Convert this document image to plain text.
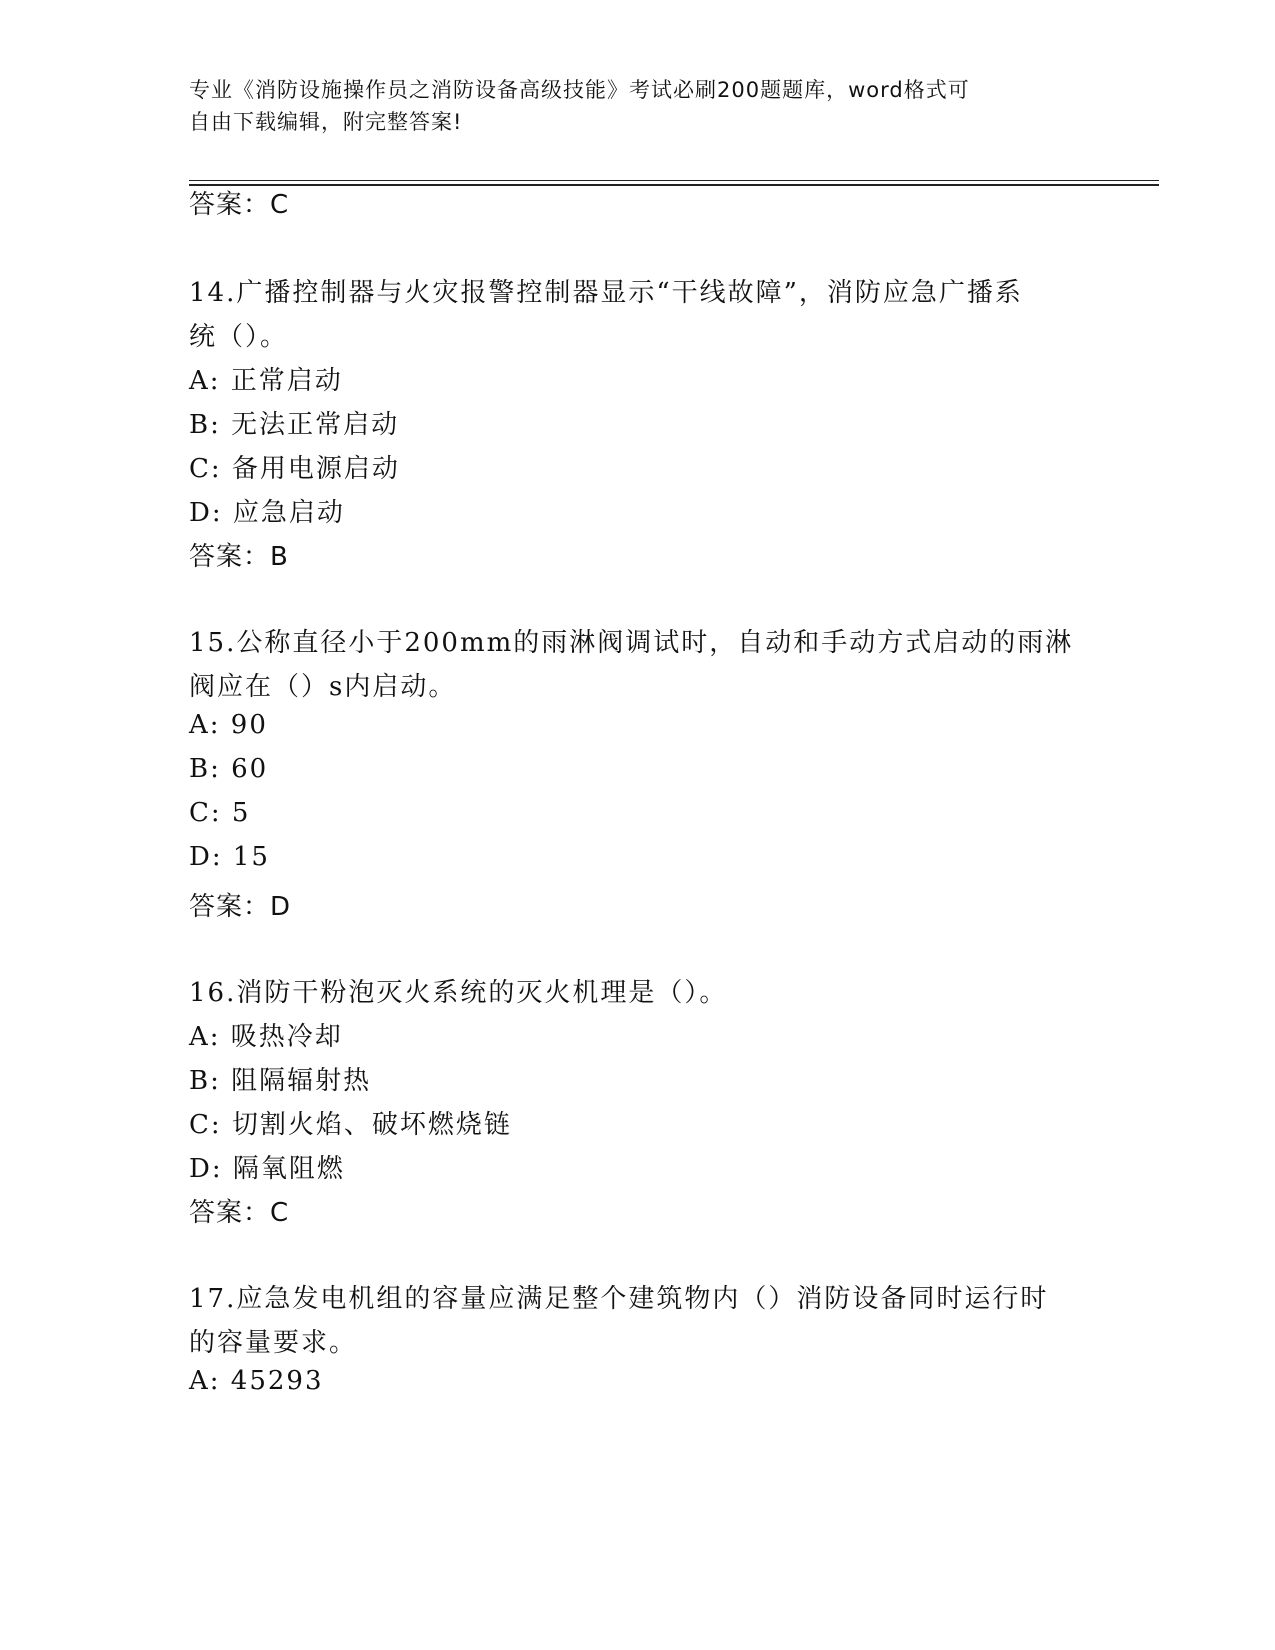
专业《消防设施操作员之消防设备高级技能》考试必刷200题题库，word格式可
自由下载编辑，附完整答案!
答案：C
14.广播控制器与火灾报警控制器显示“干线故障”，消防应急广播系
统（）。
A: 正常启动
B: 无法正常启动
C: 备用电源启动
D: 应急启动
答案：B
15.公称直径小于200mm的雨淋阀调试时，自动和手动方式启动的雨淋
阀应在（）s内启动。
A: 90
B: 60
C: 5
D: 15
答案：D
16.消防干粉泡灭火系统的灭火机理是（）。
A: 吸热冷却
B: 阻隔辐射热
C: 切割火焰、破坏燃烧链
D: 隔氧阻燃
答案：C
17.应急发电机组的容量应满足整个建筑物内（）消防设备同时运行时
的容量要求。
A: 45293
